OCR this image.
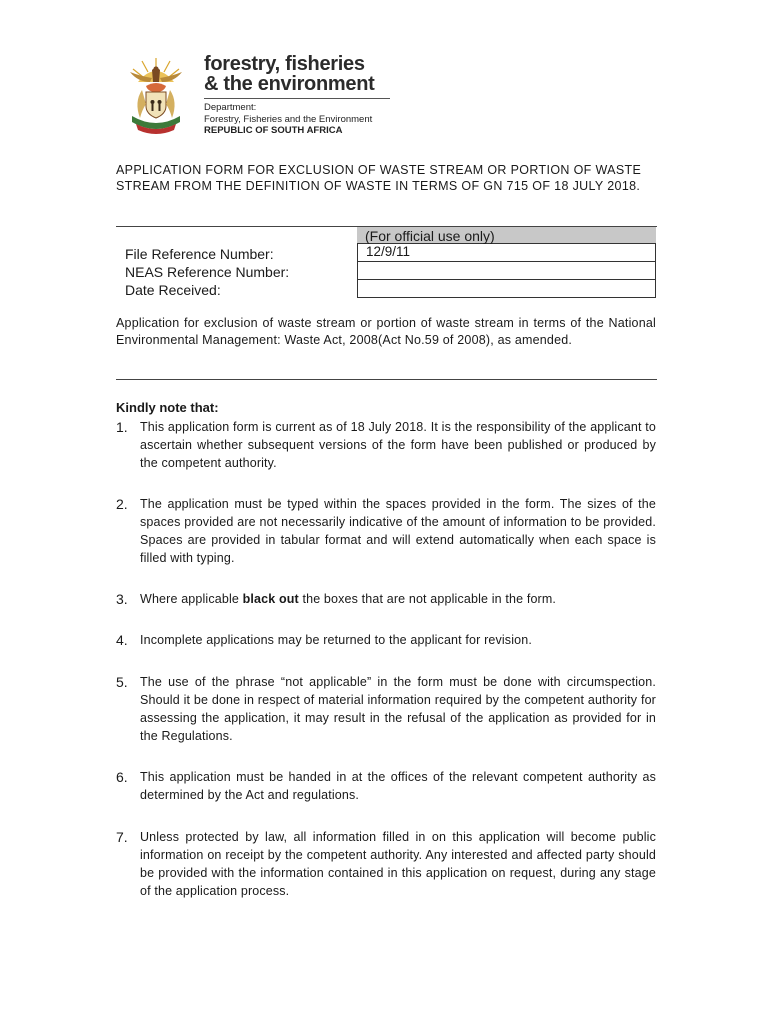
forestry, fisheries
& the environment
Department:
Forestry, Fisheries and the Environment
REPUBLIC OF SOUTH AFRICA
APPLICATION FORM FOR EXCLUSION OF WASTE STREAM OR PORTION OF WASTE STREAM FROM THE DEFINITION OF WASTE IN TERMS OF GN 715 OF 18 JULY 2018.
File Reference Number:
NEAS Reference Number:
Date Received:
(For official use only)
12/9/11
Application for exclusion of waste stream or portion of waste stream in terms of the National Environmental Management: Waste Act, 2008(Act No.59 of 2008), as amended.
Kindly note that:
1. This application form is current as of 18 July 2018. It is the responsibility of the applicant to ascertain whether subsequent versions of the form have been published or produced by the competent authority.
2. The application must be typed within the spaces provided in the form. The sizes of the spaces provided are not necessarily indicative of the amount of information to be provided. Spaces are provided in tabular format and will extend automatically when each space is filled with typing.
3. Where applicable black out the boxes that are not applicable in the form.
4. Incomplete applications may be returned to the applicant for revision.
5. The use of the phrase “not applicable” in the form must be done with circumspection. Should it be done in respect of material information required by the competent authority for assessing the application, it may result in the refusal of the application as provided for in the Regulations.
6. This application must be handed in at the offices of the relevant competent authority as determined by the Act and regulations.
7. Unless protected by law, all information filled in on this application will become public information on receipt by the competent authority. Any interested and affected party should be provided with the information contained in this application on request, during any stage of the application process.
